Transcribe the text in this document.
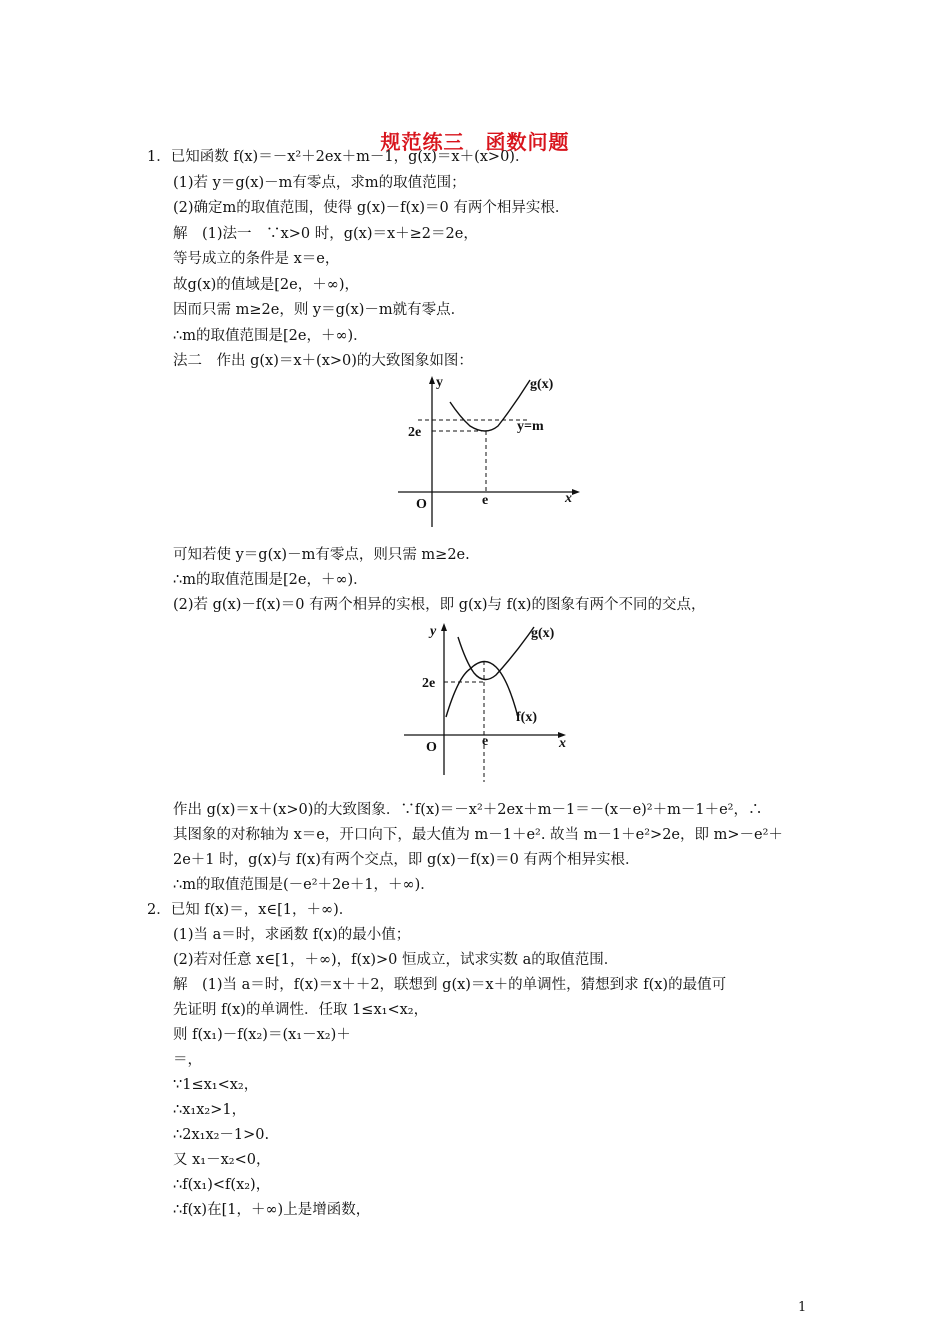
规范练三　函数问题
1．已知函数 f(x)＝－x²＋2ex＋m－1，g(x)＝x＋(x>0)．
(1)若 y＝g(x)－m有零点，求m的取值范围；
(2)确定m的取值范围，使得 g(x)－f(x)＝0 有两个相异实根．
解　(1)法一　∵x>0 时，g(x)＝x＋≥2＝2e，
等号成立的条件是 x＝e，
故g(x)的值域是[2e，＋∞)，
因而只需 m≥2e，则 y＝g(x)－m就有零点．
∴m的取值范围是[2e，＋∞)．
法二　作出 g(x)＝x＋(x>0)的大致图象如图：
y	g(x)
2e	y=m
O	e	x
可知若使 y＝g(x)－m有零点，则只需 m≥2e.
∴m的取值范围是[2e，＋∞)．
(2)若 g(x)－f(x)＝0 有两个相异的实根，即 g(x)与 f(x)的图象有两个不同的交点，
y	g(x)
2e
f(x)
O	e	x
作出 g(x)＝x＋(x>0)的大致图象．∵f(x)＝－x²＋2ex＋m－1＝－(x－e)²＋m－1＋e²，∴
其图象的对称轴为 x＝e，开口向下，最大值为 m－1＋e². 故当 m－1＋e²>2e，即 m>－e²＋
2e＋1 时，g(x)与 f(x)有两个交点，即 g(x)－f(x)＝0 有两个相异实根．
∴m的取值范围是(－e²＋2e＋1，＋∞)．
2．已知 f(x)＝，x∈[1，＋∞)．
(1)当 a＝时，求函数 f(x)的最小值；
(2)若对任意 x∈[1，＋∞)，f(x)>0 恒成立，试求实数 a的取值范围．
解　(1)当 a＝时，f(x)＝x＋＋2，联想到 g(x)＝x＋的单调性，猜想到求 f(x)的最值可
先证明 f(x)的单调性．任取 1≤x₁<x₂，
则 f(x₁)－f(x₂)＝(x₁－x₂)＋
＝，
∵1≤x₁<x₂，
∴x₁x₂>1，
∴2x₁x₂－1>0.
又 x₁－x₂<0，
∴f(x₁)<f(x₂)，
∴f(x)在[1，＋∞)上是增函数，
1
